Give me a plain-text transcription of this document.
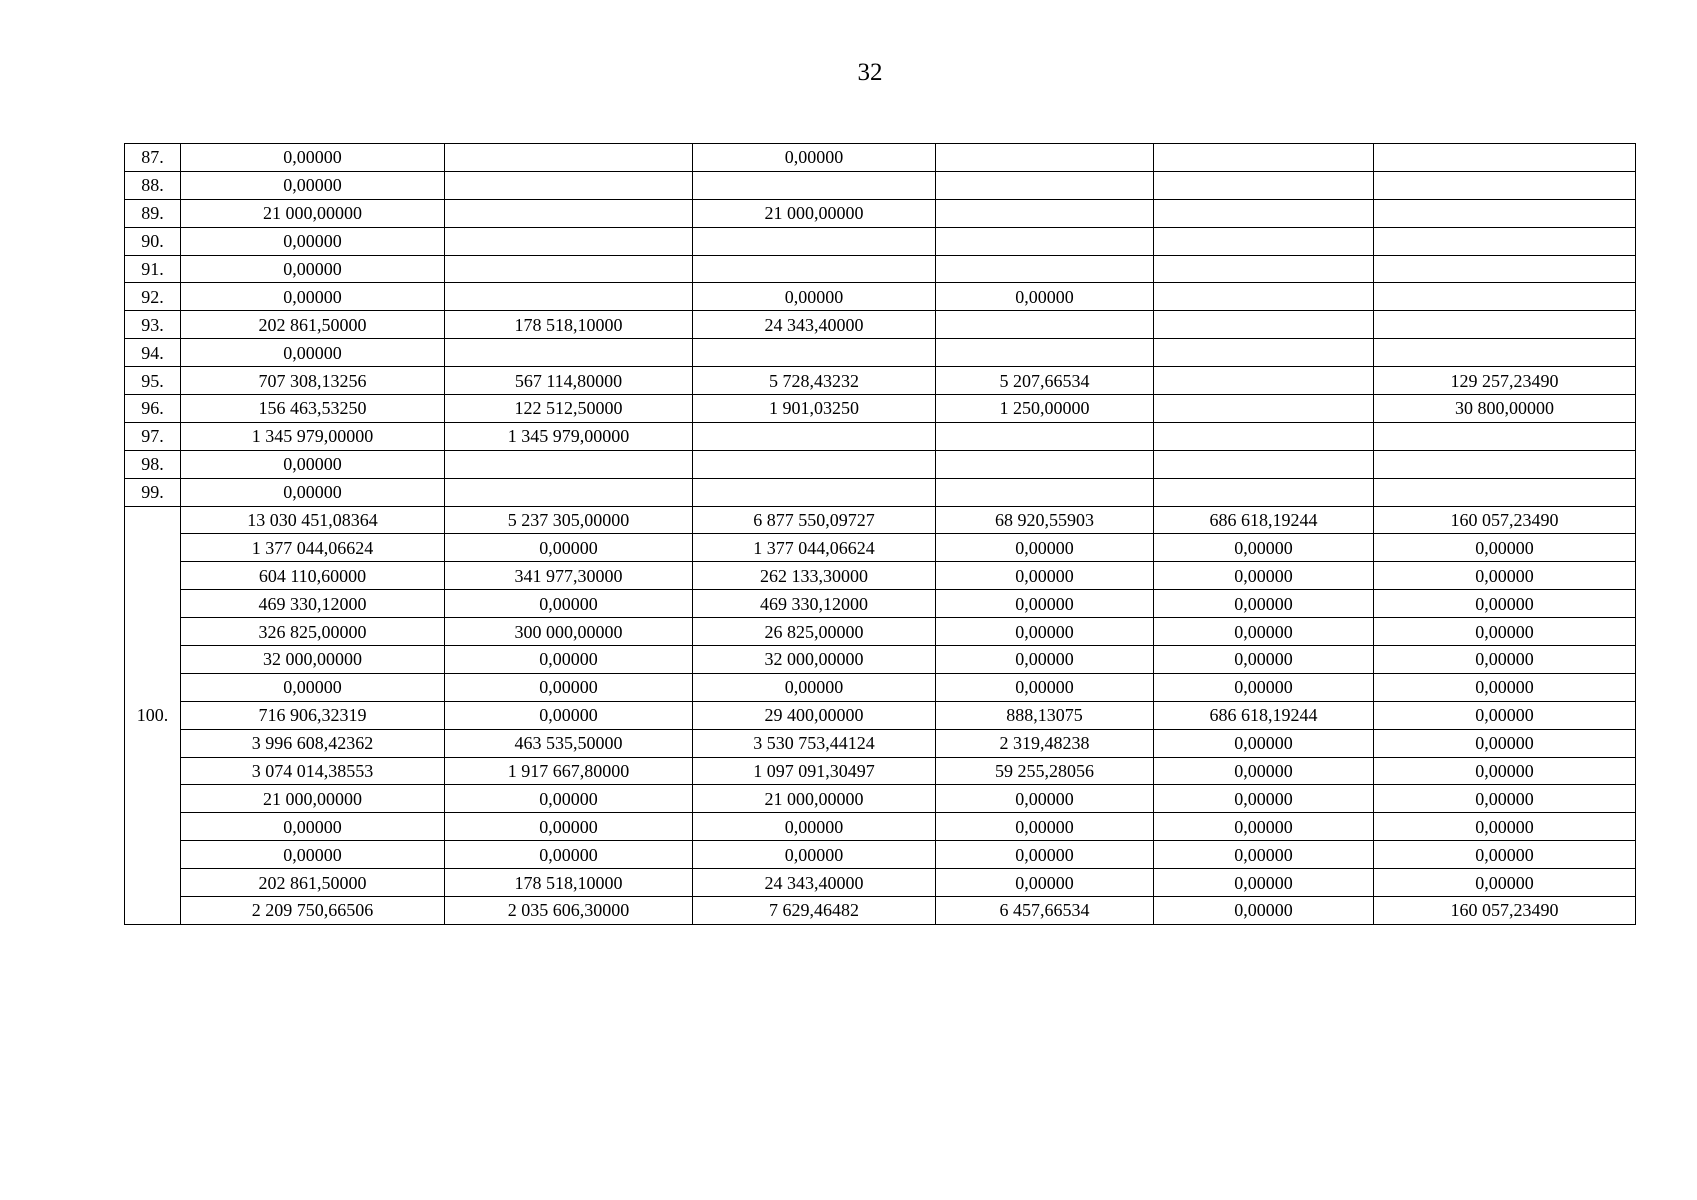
32
87.	0,00000		0,00000			
88.	0,00000					
89.	21 000,00000		21 000,00000			
90.	0,00000					
91.	0,00000					
92.	0,00000		0,00000	0,00000		
93.	202 861,50000	178 518,10000	24 343,40000			
94.	0,00000					
95.	707 308,13256	567 114,80000	5 728,43232	5 207,66534		129 257,23490
96.	156 463,53250	122 512,50000	1 901,03250	1 250,00000		30 800,00000
97.	1 345 979,00000	1 345 979,00000				
98.	0,00000					
99.	0,00000					
100.	13 030 451,08364	5 237 305,00000	6 877 550,09727	68 920,55903	686 618,19244	160 057,23490
	1 377 044,06624	0,00000	1 377 044,06624	0,00000	0,00000	0,00000
	604 110,60000	341 977,30000	262 133,30000	0,00000	0,00000	0,00000
	469 330,12000	0,00000	469 330,12000	0,00000	0,00000	0,00000
	326 825,00000	300 000,00000	26 825,00000	0,00000	0,00000	0,00000
	32 000,00000	0,00000	32 000,00000	0,00000	0,00000	0,00000
	0,00000	0,00000	0,00000	0,00000	0,00000	0,00000
	716 906,32319	0,00000	29 400,00000	888,13075	686 618,19244	0,00000
	3 996 608,42362	463 535,50000	3 530 753,44124	2 319,48238	0,00000	0,00000
	3 074 014,38553	1 917 667,80000	1 097 091,30497	59 255,28056	0,00000	0,00000
	21 000,00000	0,00000	21 000,00000	0,00000	0,00000	0,00000
	0,00000	0,00000	0,00000	0,00000	0,00000	0,00000
	0,00000	0,00000	0,00000	0,00000	0,00000	0,00000
	202 861,50000	178 518,10000	24 343,40000	0,00000	0,00000	0,00000
	2 209 750,66506	2 035 606,30000	7 629,46482	6 457,66534	0,00000	160 057,23490
